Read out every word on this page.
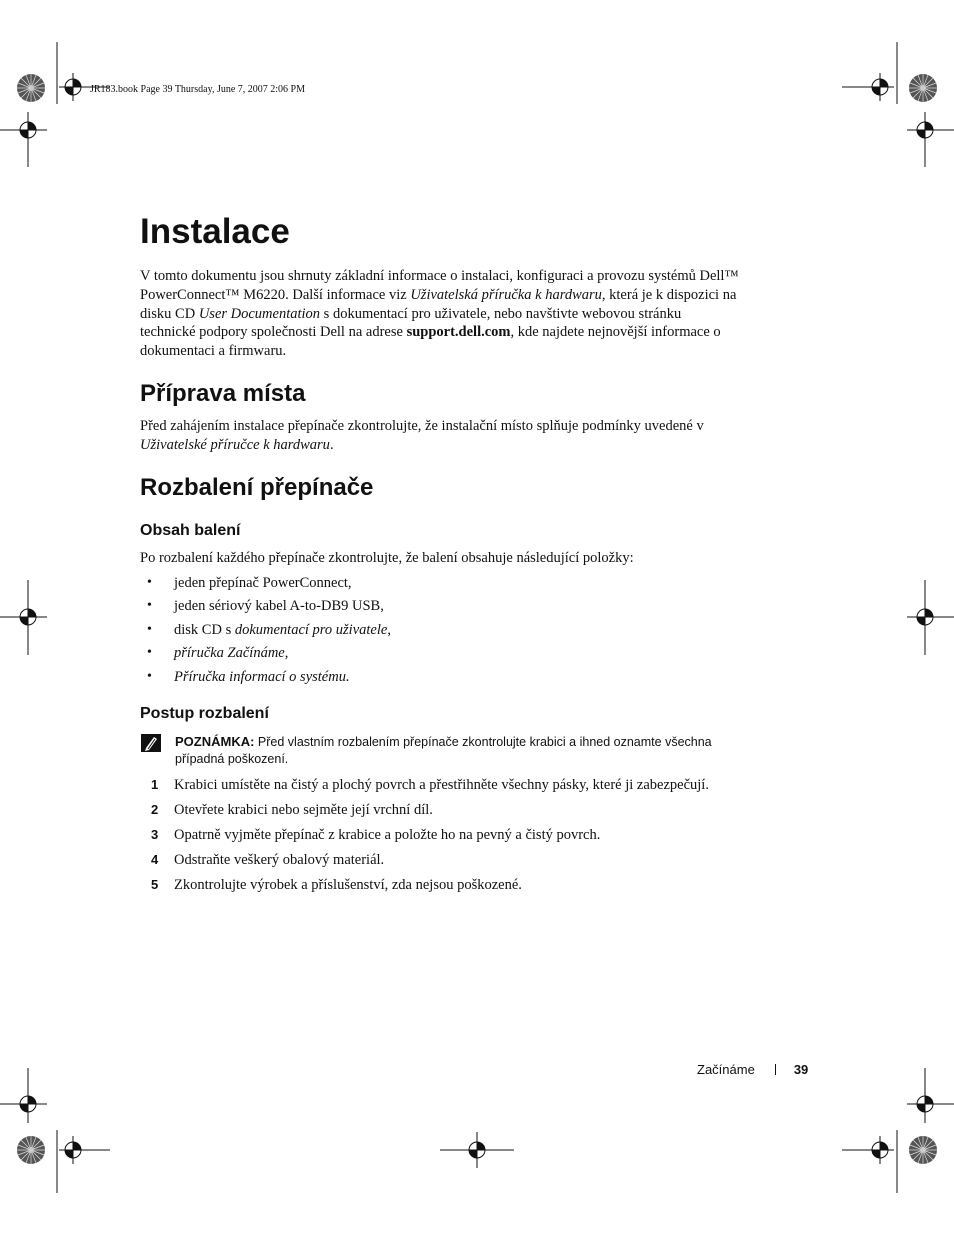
JR183.book Page 39 Thursday, June 7, 2007 2:06 PM
Instalace

V tomto dokumentu jsou shrnuty základní informace o instalaci, konfiguraci a provozu systémů Dell™ PowerConnect™ M6220. Další informace viz Uživatelská příručka k hardwaru, která je k dispozici na disku CD User Documentation s dokumentací pro uživatele, nebo navštivte webovou stránku technické podpory společnosti Dell na adrese support.dell.com, kde najdete nejnovější informace o dokumentaci a firmwaru.

Příprava místa

Před zahájením instalace přepínače zkontrolujte, že instalační místo splňuje podmínky uvedené v Uživatelské příručce k hardwaru.

Rozbalení přepínače
Obsah balení

Po rozbalení každého přepínače zkontrolujte, že balení obsahuje následující položky:

• jeden přepínač PowerConnect,
• jeden sériový kabel A-to-DB9 USB,
• disk CD s dokumentací pro uživatele,
• příručka Začínáme,
• Příručka informací o systému.
Postup rozbalení
POZNÁMKA: Před vlastním rozbalením přepínače zkontrolujte krabici a ihned oznamte všechna případná poškození.
1 Krabici umístěte na čistý a plochý povrch a přestřihněte všechny pásky, které ji zabezpečují.
2 Otevřete krabici nebo sejměte její vrchní díl.
3 Opatrně vyjměte přepínač z krabice a položte ho na pevný a čistý povrch.
4 Odstraňte veškerý obalový materiál.
5 Zkontrolujte výrobek a příslušenství, zda nejsou poškozené.
Začínáme	39
